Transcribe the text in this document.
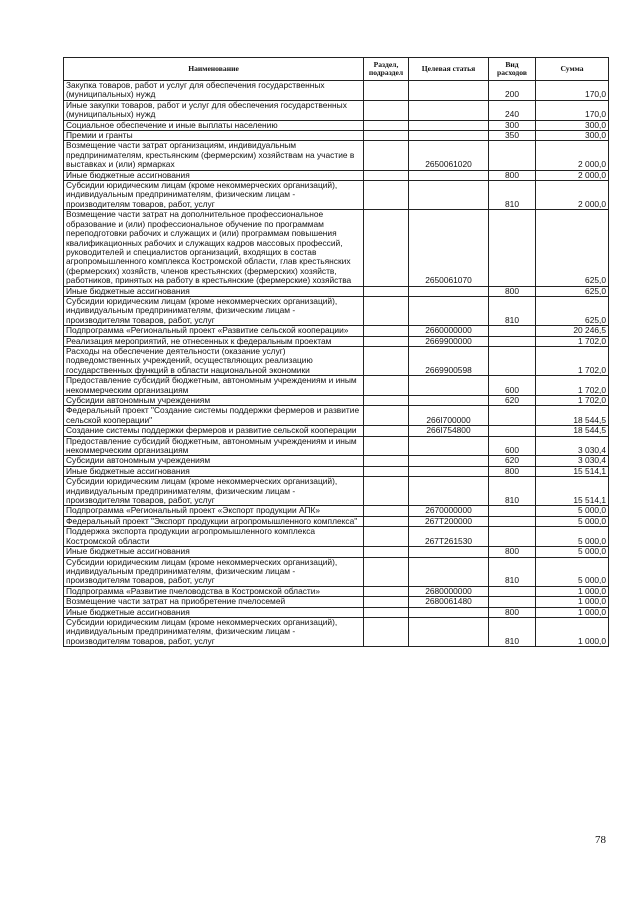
Наименование	Раздел, подраздел	Целевая статья	Вид расходов	Сумма
Закупка товаров, работ и услуг для обеспечения государственных (муниципальных) нужд			200	170,0
Иные закупки товаров, работ и услуг для обеспечения государственных (муниципальных) нужд			240	170,0
Социальное обеспечение и иные выплаты населению			300	300,0
Премии и гранты			350	300,0
Возмещение части затрат организациям, индивидуальным предпринимателям, крестьянским (фермерским) хозяйствам на участие в выставках и (или) ярмарках		2650061020		2 000,0
Иные бюджетные ассигнования			800	2 000,0
Субсидии юридическим лицам (кроме некоммерческих организаций), индивидуальным предпринимателям, физическим лицам - производителям товаров, работ, услуг			810	2 000,0
Возмещение части затрат на дополнительное профессиональное образование и (или) профессиональное обучение по программам переподготовки рабочих и служащих и (или) программам повышения квалификационных рабочих и служащих кадров массовых профессий, руководителей и специалистов организаций, входящих в состав агропромышленного комплекса Костромской области, глав крестьянских (фермерских) хозяйств, членов крестьянских (фермерских) хозяйств, работников, принятых на работу в крестьянские (фермерские) хозяйства		2650061070		625,0
Иные бюджетные ассигнования			800	625,0
Субсидии юридическим лицам (кроме некоммерческих организаций), индивидуальным предпринимателям, физическим лицам - производителям товаров, работ, услуг			810	625,0
Подпрограмма «Региональный проект «Развитие сельской кооперации»		2660000000		20 246,5
Реализация мероприятий, не отнесенных к федеральным проектам		2669900000		1 702,0
Расходы на обеспечение деятельности (оказание услуг) подведомственных учреждений, осуществляющих реализацию государственных функций в области национальной экономики		2669900598		1 702,0
Предоставление субсидий бюджетным, автономным учреждениям и иным некоммерческим организациям			600	1 702,0
Субсидии автономным учреждениям			620	1 702,0
Федеральный проект "Создание системы поддержки фермеров и развитие сельской кооперации"		266I700000		18 544,5
Создание системы поддержки фермеров и развитие сельской кооперации		266I754800		18 544,5
Предоставление субсидий бюджетным, автономным учреждениям и иным некоммерческим организациям			600	3 030,4
Субсидии автономным учреждениям			620	3 030,4
Иные бюджетные ассигнования			800	15 514,1
Субсидии юридическим лицам (кроме некоммерческих организаций), индивидуальным предпринимателям, физическим лицам - производителям товаров, работ, услуг			810	15 514,1
Подпрограмма «Региональный проект «Экспорт продукции АПК»		2670000000		5 000,0
Федеральный проект "Экспорт продукции агропромышленного комплекса"		267T200000		5 000,0
Поддержка экспорта продукции агропромышленного комплекса Костромской области		267T261530		5 000,0
Иные бюджетные ассигнования			800	5 000,0
Субсидии юридическим лицам (кроме некоммерческих организаций), индивидуальным предпринимателям, физическим лицам - производителям товаров, работ, услуг			810	5 000,0
Подпрограмма «Развитие пчеловодства в Костромской области»		2680000000		1 000,0
Возмещение части затрат на приобретение пчелосемей		2680061480		1 000,0
Иные бюджетные ассигнования			800	1 000,0
Субсидии юридическим лицам (кроме некоммерческих организаций), индивидуальным предпринимателям, физическим лицам - производителям товаров, работ, услуг			810	1 000,0
78
